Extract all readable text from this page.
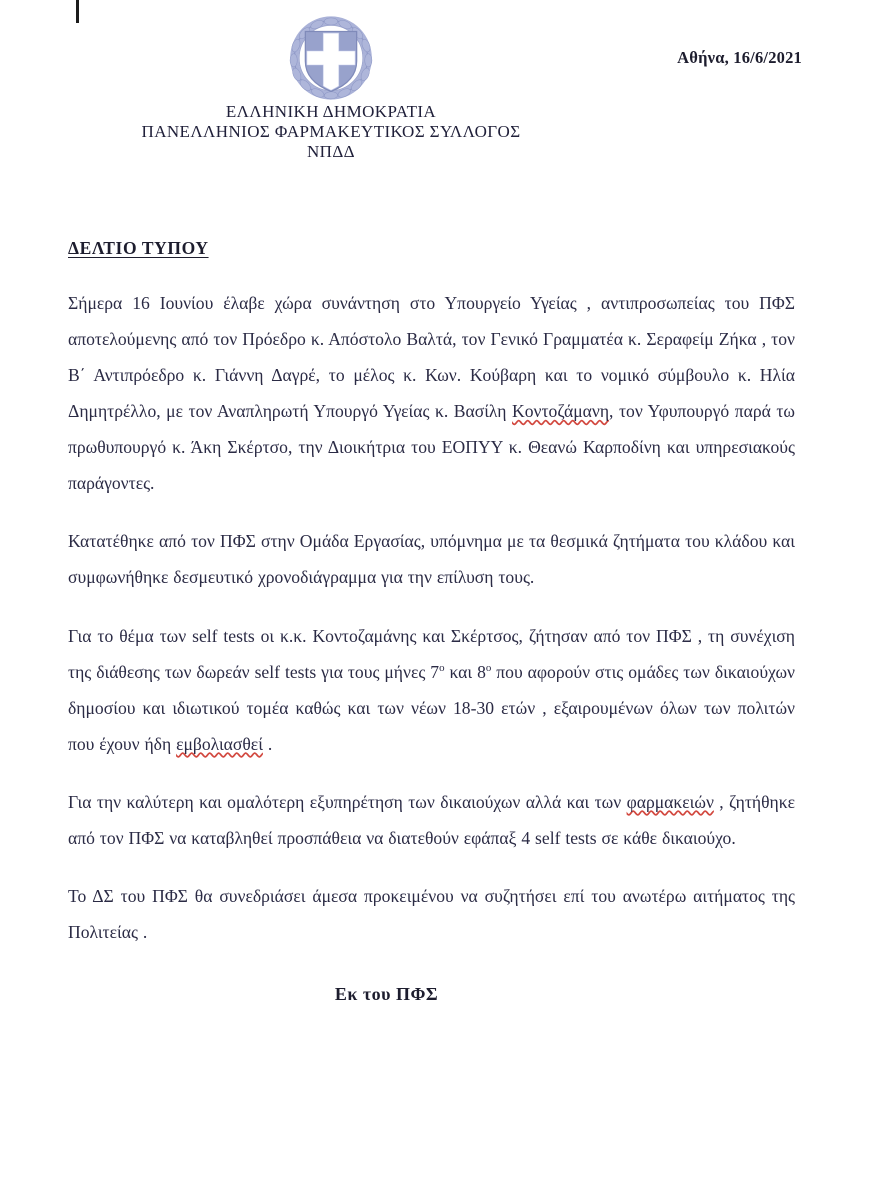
Αθήνα, 16/6/2021
ΕΛΛΗΝΙΚΗ ΔΗΜΟΚΡΑΤΙΑ
ΠΑΝΕΛΛΗΝΙΟΣ ΦΑΡΜΑΚΕΥΤΙΚΟΣ ΣΥΛΛΟΓΟΣ
ΝΠΔΔ
ΔΕΛΤΙΟ ΤΥΠΟΥ

Σήμερα 16 Ιουνίου έλαβε χώρα συνάντηση στο Υπουργείο Υγείας , αντιπροσωπείας του ΠΦΣ αποτελούμενης από τον Πρόεδρο κ. Απόστολο Βαλτά, τον Γενικό Γραμματέα κ. Σεραφείμ Ζήκα , τον Β΄ Αντιπρόεδρο κ. Γιάννη Δαγρέ, το μέλος κ. Κων. Κούβαρη και το νομικό σύμβουλο κ. Ηλία Δημητρέλλο, με τον Αναπληρωτή Υπουργό Υγείας κ. Βασίλη Κοντοζάμανη, τον Υφυπουργό παρά τω πρωθυπουργό κ. Άκη Σκέρτσο, την Διοικήτρια του ΕΟΠΥΥ κ. Θεανώ Καρποδίνη και υπηρεσιακούς παράγοντες.

Κατατέθηκε από τον ΠΦΣ στην Ομάδα Εργασίας, υπόμνημα με τα θεσμικά ζητήματα του κλάδου και συμφωνήθηκε δεσμευτικό χρονοδιάγραμμα για την επίλυση τους.

Για το θέμα των self tests οι κ.κ. Κοντοζαμάνης και Σκέρτσος, ζήτησαν από τον ΠΦΣ , τη συνέχιση της διάθεσης των δωρεάν self tests για τους μήνες $7^o$ και $8^o$ που αφορούν στις ομάδες των δικαιούχων δημοσίου και ιδιωτικού τομέα καθώς και των νέων 18-30 ετών , εξαιρουμένων όλων των πολιτών που έχουν ήδη εμβολιασθεί .

Για την καλύτερη και ομαλότερη εξυπηρέτηση των δικαιούχων αλλά και των φαρμακειών , ζητήθηκε από τον ΠΦΣ να καταβληθεί προσπάθεια να διατεθούν εφάπαξ 4 self tests σε κάθε δικαιούχο.

Το ΔΣ του ΠΦΣ θα συνεδριάσει άμεσα προκειμένου να συζητήσει επί του ανωτέρω αιτήματος της Πολιτείας .

Εκ του ΠΦΣ
